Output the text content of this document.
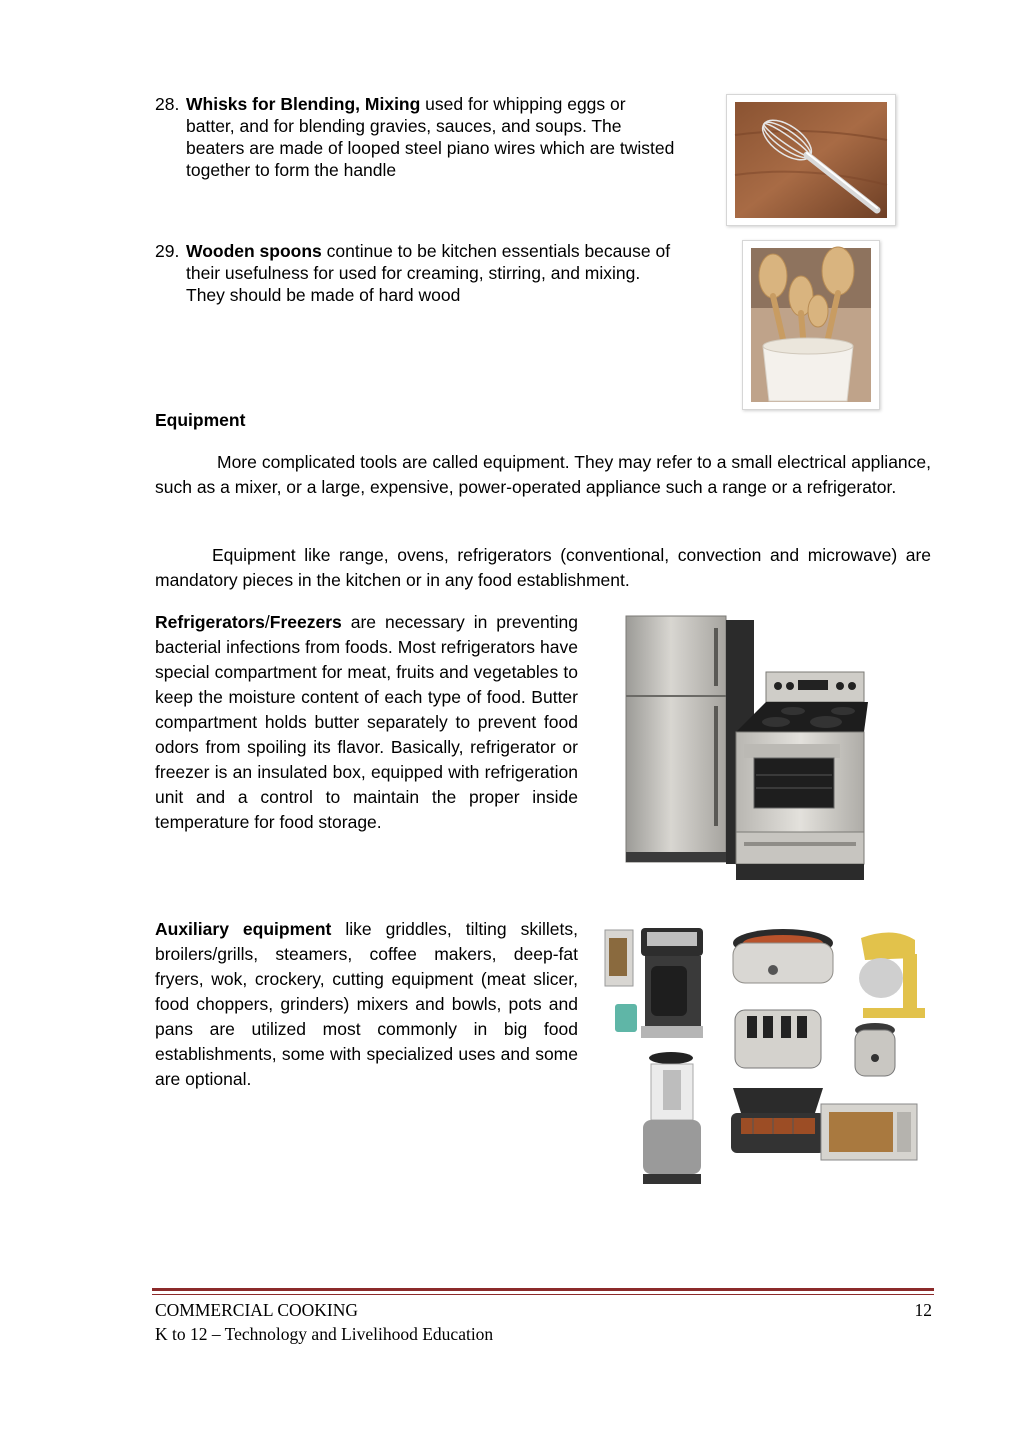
28. Whisks for Blending, Mixing used for whipping eggs or batter, and for blending gravies, sauces, and soups. The beaters are made of looped steel piano wires which are twisted together to form the handle
29. Wooden spoons continue to be kitchen essentials because of their usefulness for used for creaming, stirring, and mixing. They should be made of hard wood
Equipment
More complicated tools are called equipment. They may refer to a small electrical appliance, such as a mixer, or a large, expensive, power-operated appliance such a range or a refrigerator.
Equipment like range, ovens, refrigerators (conventional, convection and microwave) are mandatory pieces in the kitchen or in any food establishment.
Refrigerators/Freezers are necessary in preventing bacterial infections from foods. Most refrigerators have special compartment for meat, fruits and vegetables to keep the moisture content of each type of food. Butter compartment holds butter separately to prevent food odors from spoiling its flavor. Basically, refrigerator or freezer is an insulated box, equipped with refrigeration unit and a control to maintain the proper inside temperature for food storage.
Auxiliary equipment like griddles, tilting skillets, broilers/grills, steamers, coffee makers, deep-fat fryers, wok, crockery, cutting equipment (meat slicer, food choppers, grinders) mixers and bowls, pots and pans are utilized most commonly in big food establishments, some with specialized uses and some are optional.
COMMERCIAL COOKING
K to 12 – Technology and Livelihood Education
12
